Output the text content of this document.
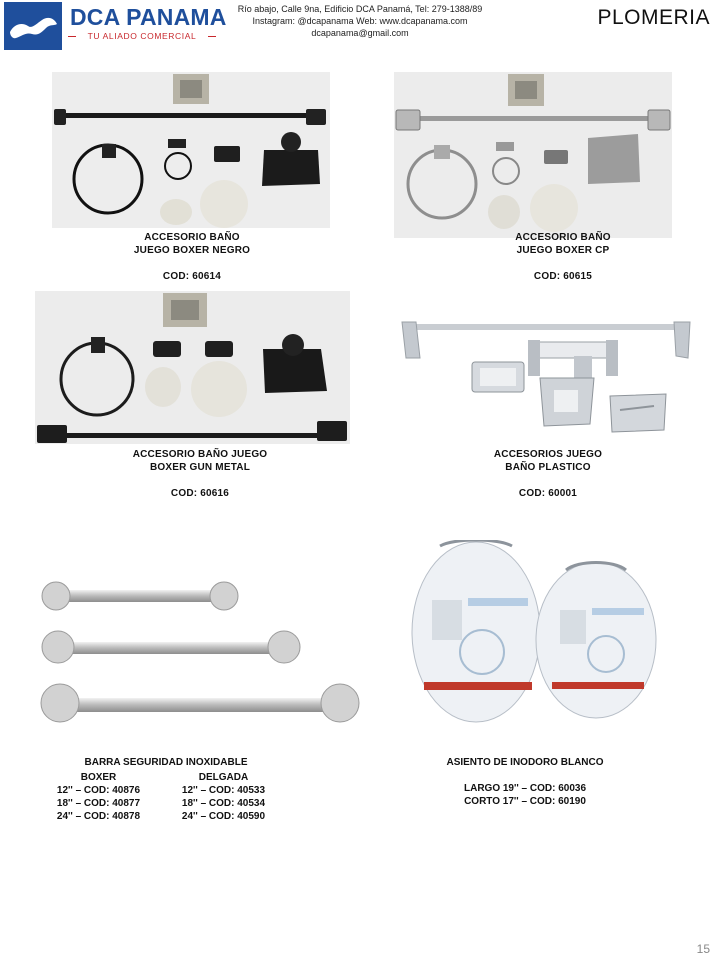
DCA PANAMA
TU ALIADO COMERCIAL
Río abajo, Calle 9na, Edificio DCA Panamá, Tel: 279-1388/89
Instagram: @dcapanama Web: www.dcapanama.com
dcapanama@gmail.com
PLOMERIA
ACCESORIO BAÑO
JUEGO BOXER NEGRO
COD: 60614
ACCESORIO BAÑO
JUEGO BOXER CP
COD: 60615
ACCESORIO BAÑO JUEGO
BOXER GUN METAL
COD: 60616
ACCESORIOS JUEGO
BAÑO PLASTICO
COD: 60001
BARRA SEGURIDAD INOXIDABLE
BOXER
12'' – COD: 40876
18'' – COD: 40877
24'' – COD: 40878
DELGADA
12'' – COD: 40533
18'' – COD: 40534
24'' – COD: 40590
ASIENTO DE INODORO BLANCO
LARGO 19'' – COD: 60036
CORTO 17'' – COD: 60190
15
